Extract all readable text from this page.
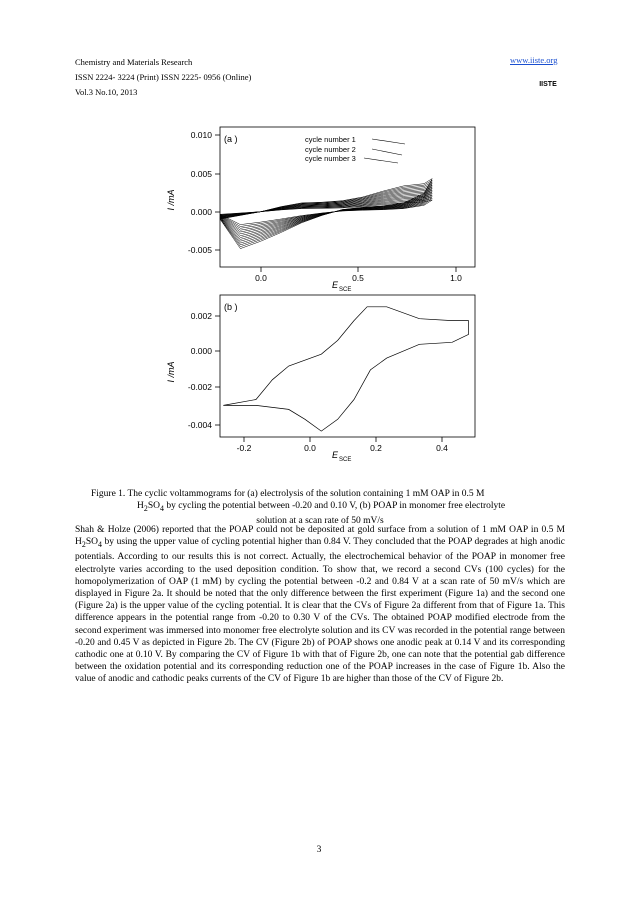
Chemistry and Materials Research
ISSN 2224- 3224 (Print) ISSN 2225- 0956 (Online)
Vol.3 No.10, 2013
www.iiste.org
IISTE
0.010
0.005
0.000
-0.005
0.0	0.5	1.0
I /mA
E SCE
(a )	cycle number 1
cycle number 2
cycle number 3
0.002
0.000
-0.002
-0.004
-0.2	0.0	0.2	0.4
I /mA
E SCE
(b )
Figure 1. The cyclic voltammograms for (a) electrolysis of the solution containing 1 mM OAP in 0.5 M
$H_2SO_4$ by cycling the potential between -0.20 and 0.10 V, (b) POAP in monomer free electrolyte
solution at a scan rate of 50 mV/s
Shah & Holze (2006) reported that the POAP could not be deposited at gold surface from a solution of 1 mM OAP in 0.5 M $H_2SO_4$ by using the upper value of cycling potential higher than 0.84 V. They concluded that the POAP degrades at high anodic potentials. According to our results this is not correct. Actually, the electrochemical behavior of the POAP in monomer free electrolyte varies according to the used deposition condition. To show that, we record a second CVs (100 cycles) for the homopolymerization of OAP (1 mM) by cycling the potential between -0.2 and 0.84 V at a scan rate of 50 mV/s which are displayed in Figure 2a. It should be noted that the only difference between the first experiment (Figure 1a) and the second one (Figure 2a) is the upper value of the cycling potential. It is clear that the CVs of Figure 2a different from that of Figure 1a. This difference appears in the potential range from -0.20 to 0.30 V of the CVs. The obtained POAP modified electrode from the second experiment was immersed into monomer free electrolyte solution and its CV was recorded in the potential range between -0.20 and 0.45 V as depicted in Figure 2b. The CV (Figure 2b) of POAP shows one anodic peak at 0.14 V and its corresponding cathodic one at 0.10 V. By comparing the CV of Figure 1b with that of Figure 2b, one can note that the potential gab difference between the oxidation potential and its corresponding reduction one of the POAP increases in the case of Figure 1b. Also the value of anodic and cathodic peaks currents of the CV of Figure 1b are higher than those of the CV of Figure 2b.
3
